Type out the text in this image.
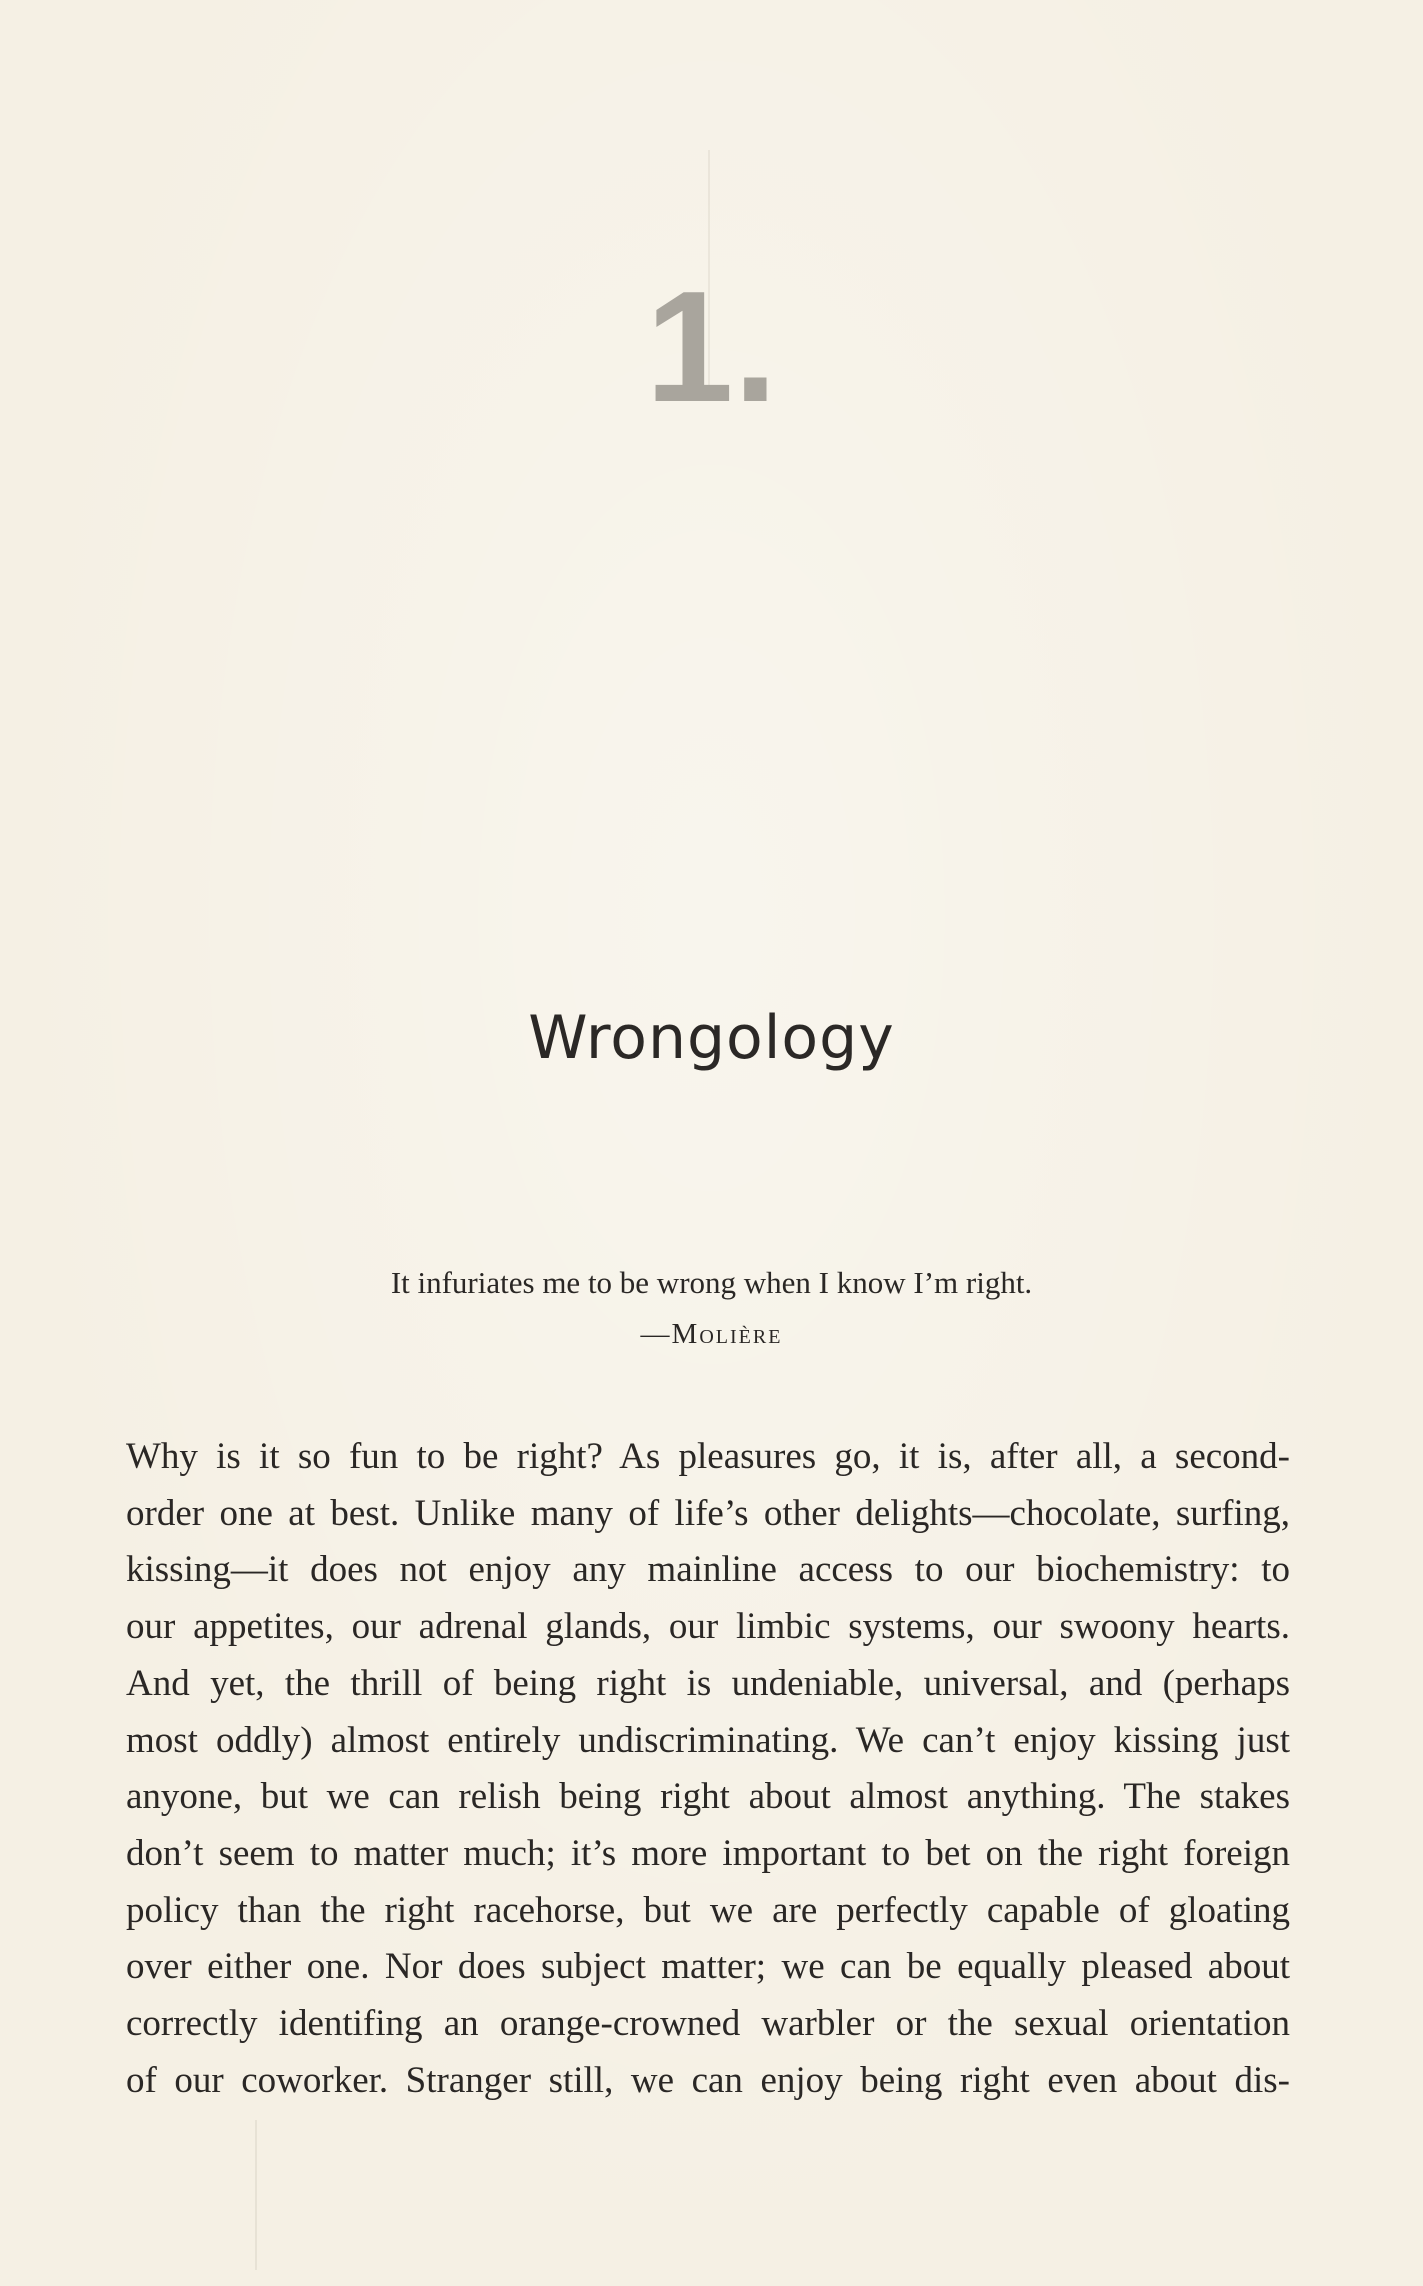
1.
Wrongology
It infuriates me to be wrong when I know I’m right.
—Molière
Why is it so fun to be right? As pleasures go, it is, after all, a second-
order one at best. Unlike many of life’s other delights—chocolate, surfing,
kissing—it does not enjoy any mainline access to our biochemistry: to
our appetites, our adrenal glands, our limbic systems, our swoony hearts.
And yet, the thrill of being right is undeniable, universal, and (perhaps
most oddly) almost entirely undiscriminating. We can’t enjoy kissing just
anyone, but we can relish being right about almost anything. The stakes
don’t seem to matter much; it’s more important to bet on the right foreign
policy than the right racehorse, but we are perfectly capable of gloating
over either one. Nor does subject matter; we can be equally pleased about
correctly identifing an orange-crowned warbler or the sexual orientation
of our coworker. Stranger still, we can enjoy being right even about dis-
